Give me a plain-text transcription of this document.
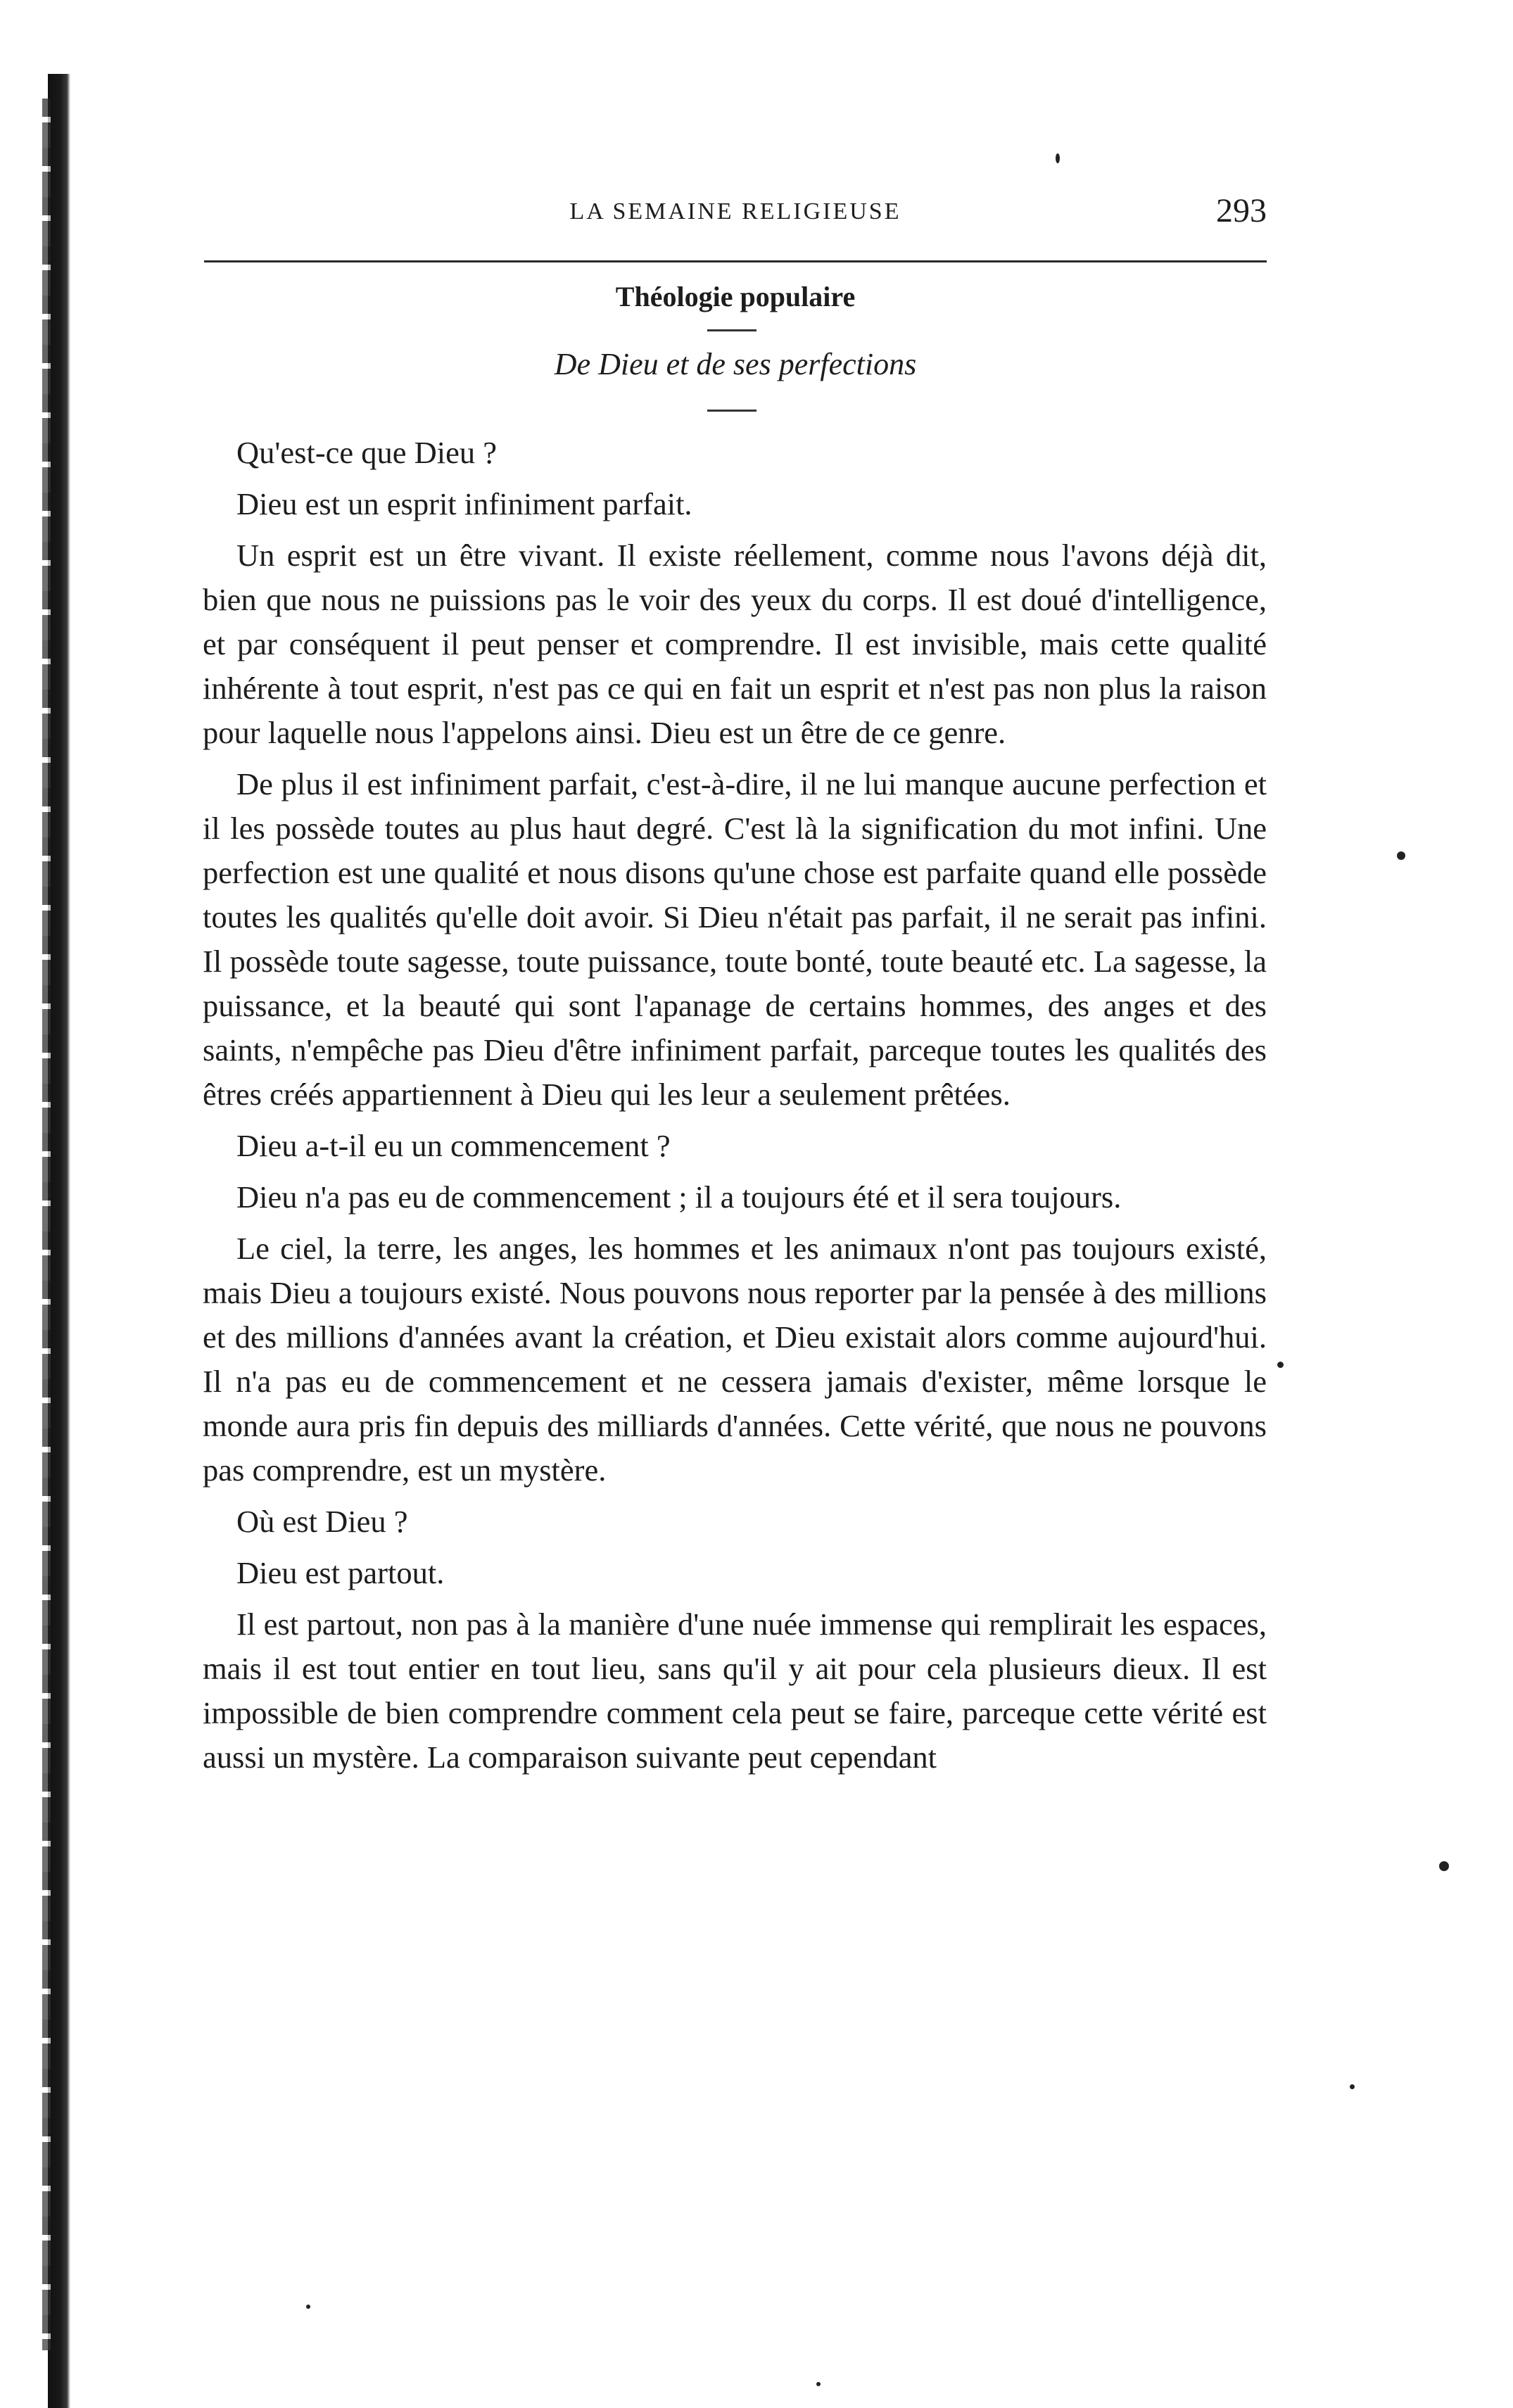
LA SEMAINE RELIGIEUSE	293
Théologie populaire
De Dieu et de ses perfections

Qu'est-ce que Dieu ?

Dieu est un esprit infiniment parfait.

Un esprit est un être vivant. Il existe réellement, comme nous l'avons déjà dit, bien que nous ne puissions pas le voir des yeux du corps. Il est doué d'intelligence, et par conséquent il peut penser et comprendre. Il est invisible, mais cette qualité inhérente à tout esprit, n'est pas ce qui en fait un esprit et n'est pas non plus la raison pour laquelle nous l'appelons ainsi. Dieu est un être de ce genre.

De plus il est infiniment parfait, c'est-à-dire, il ne lui manque aucune perfection et il les possède toutes au plus haut degré. C'est là la signification du mot infini. Une perfection est une qualité et nous disons qu'une chose est parfaite quand elle possède toutes les qualités qu'elle doit avoir. Si Dieu n'était pas parfait, il ne serait pas infini. Il possède toute sagesse, toute puissance, toute bonté, toute beauté etc. La sagesse, la puissance, et la beauté qui sont l'apanage de certains hommes, des anges et des saints, n'empêche pas Dieu d'être infiniment parfait, parceque toutes les qualités des êtres créés appartiennent à Dieu qui les leur a seulement prêtées.

Dieu a-t-il eu un commencement ?

Dieu n'a pas eu de commencement ; il a toujours été et il sera toujours.

Le ciel, la terre, les anges, les hommes et les animaux n'ont pas toujours existé, mais Dieu a toujours existé. Nous pouvons nous reporter par la pensée à des millions et des millions d'années avant la création, et Dieu existait alors comme aujourd'hui. Il n'a pas eu de commencement et ne cessera jamais d'exister, même lorsque le monde aura pris fin depuis des milliards d'années. Cette vérité, que nous ne pouvons pas comprendre, est un mystère.

Où est Dieu ?

Dieu est partout.

Il est partout, non pas à la manière d'une nuée immense qui remplirait les espaces, mais il est tout entier en tout lieu, sans qu'il y ait pour cela plusieurs dieux. Il est impossible de bien comprendre comment cela peut se faire, parceque cette vérité est aussi un mystère. La comparaison suivante peut cependant
